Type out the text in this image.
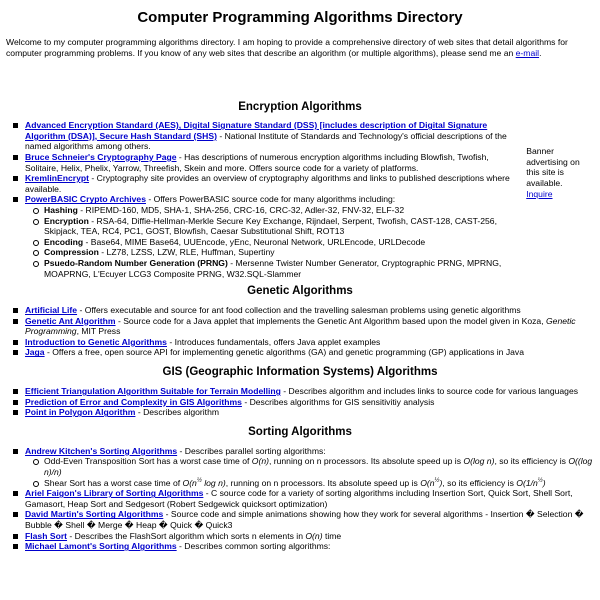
Computer Programming Algorithms Directory

Welcome to my computer programming algorithms directory. I am hoping to provide a comprehensive directory of web sites that detail algorithms for computer programming problems. If you know of any web sites that describe an algorithm (or multiple algorithms), please send me an e-mail.

Encryption Algorithms
Advanced Encryption Standard (AES), Digital Signature Standard (DSS) [includes description of Digital Signature Algorithm (DSA)], Secure Hash Standard (SHS) - National Institute of Standards and Technology's official descriptions of the named algorithms among others.
Bruce Schneier's Cryptography Page - Has descriptions of numerous encryption algorithms including Blowfish, Twofish, Solitaire, Helix, Phelix, Yarrow, Threefish, Skein and more. Offers source code for a variety of platforms.
KremlinEncrypt - Cryptography site provides an overview of cryptography algorithms and links to published descriptions where available.
PowerBASIC Crypto Archives - Offers PowerBASIC source code for many algorithms including:
Hashing - RIPEMD-160, MD5, SHA-1, SHA-256, CRC-16, CRC-32, Adler-32, FNV-32, ELF-32
Encryption - RSA-64, Diffie-Hellman-Merkle Secure Key Exchange, Rijndael, Serpent, Twofish, CAST-128, CAST-256, Skipjack, TEA, RC4, PC1, GOST, Blowfish, Caesar Substitutional Shift, ROT13
Encoding - Base64, MIME Base64, UUEncode, yEnc, Neuronal Network, URLEncode, URLDecode
Compression - LZ78, LZSS, LZW, RLE, Huffman, Supertiny
Psuedo-Random Number Generation (PRNG) - Mersenne Twister Number Generator, Cryptographic PRNG, MPRNG, MOAPRNG, L'Ecuyer LCG3 Composite PRNG, W32.SQL-Slammer
Banner advertising on this site is available.
Inquire
Genetic Algorithms
Artificial Life - Offers executable and source for ant food collection and the travelling salesman problems using genetic algorithms
Genetic Ant Algorithm - Source code for a Java applet that implements the Genetic Ant Algorithm based upon the model given in Koza, Genetic Programming, MIT Press
Introduction to Genetic Algorithms - Introduces fundamentals, offers Java applet examples
Jaga - Offers a free, open source API for implementing genetic algorithms (GA) and genetic programming (GP) applications in Java
GIS (Geographic Information Systems) Algorithms
Efficient Triangulation Algorithm Suitable for Terrain Modelling - Describes algorithm and includes links to source code for various languages
Prediction of Error and Complexity in GIS Algorithms - Describes algorithms for GIS sensitivitiy analysis
Point in Polygon Algorithm - Describes algorithm
Sorting Algorithms
Andrew Kitchen's Sorting Algorithms - Describes parallel sorting algorithms:
Odd-Even Transposition Sort has a worst case time of O(n), running on n processors. Its absolute speed up is O(log n), so its efficiency is O((log n)/n)
Shear Sort has a worst case time of $O(n^{\frac{1}{2}}$ log n), running on n processors. Its absolute speed up is $O(n^{\frac{1}{2}})$, so its efficiency is $O(1/n^{\frac{1}{2}})$
Ariel Faigon's Library of Sorting Algorithms - C source code for a variety of sorting algorithms including Insertion Sort, Quick Sort, Shell Sort, Gamasort, Heap Sort and Sedgesort (Robert Sedgewick quicksort optimization)
David Martin's Sorting Algorithms - Source code and simple animations showing how they work for several algorithms - Insertion � Selection � Bubble � Shell � Merge � Heap � Quick � Quick3
Flash Sort - Describes the FlashSort algorithm which sorts n elements in O(n) time
Michael Lamont's Sorting Algorithms - Describes common sorting algorithms:
